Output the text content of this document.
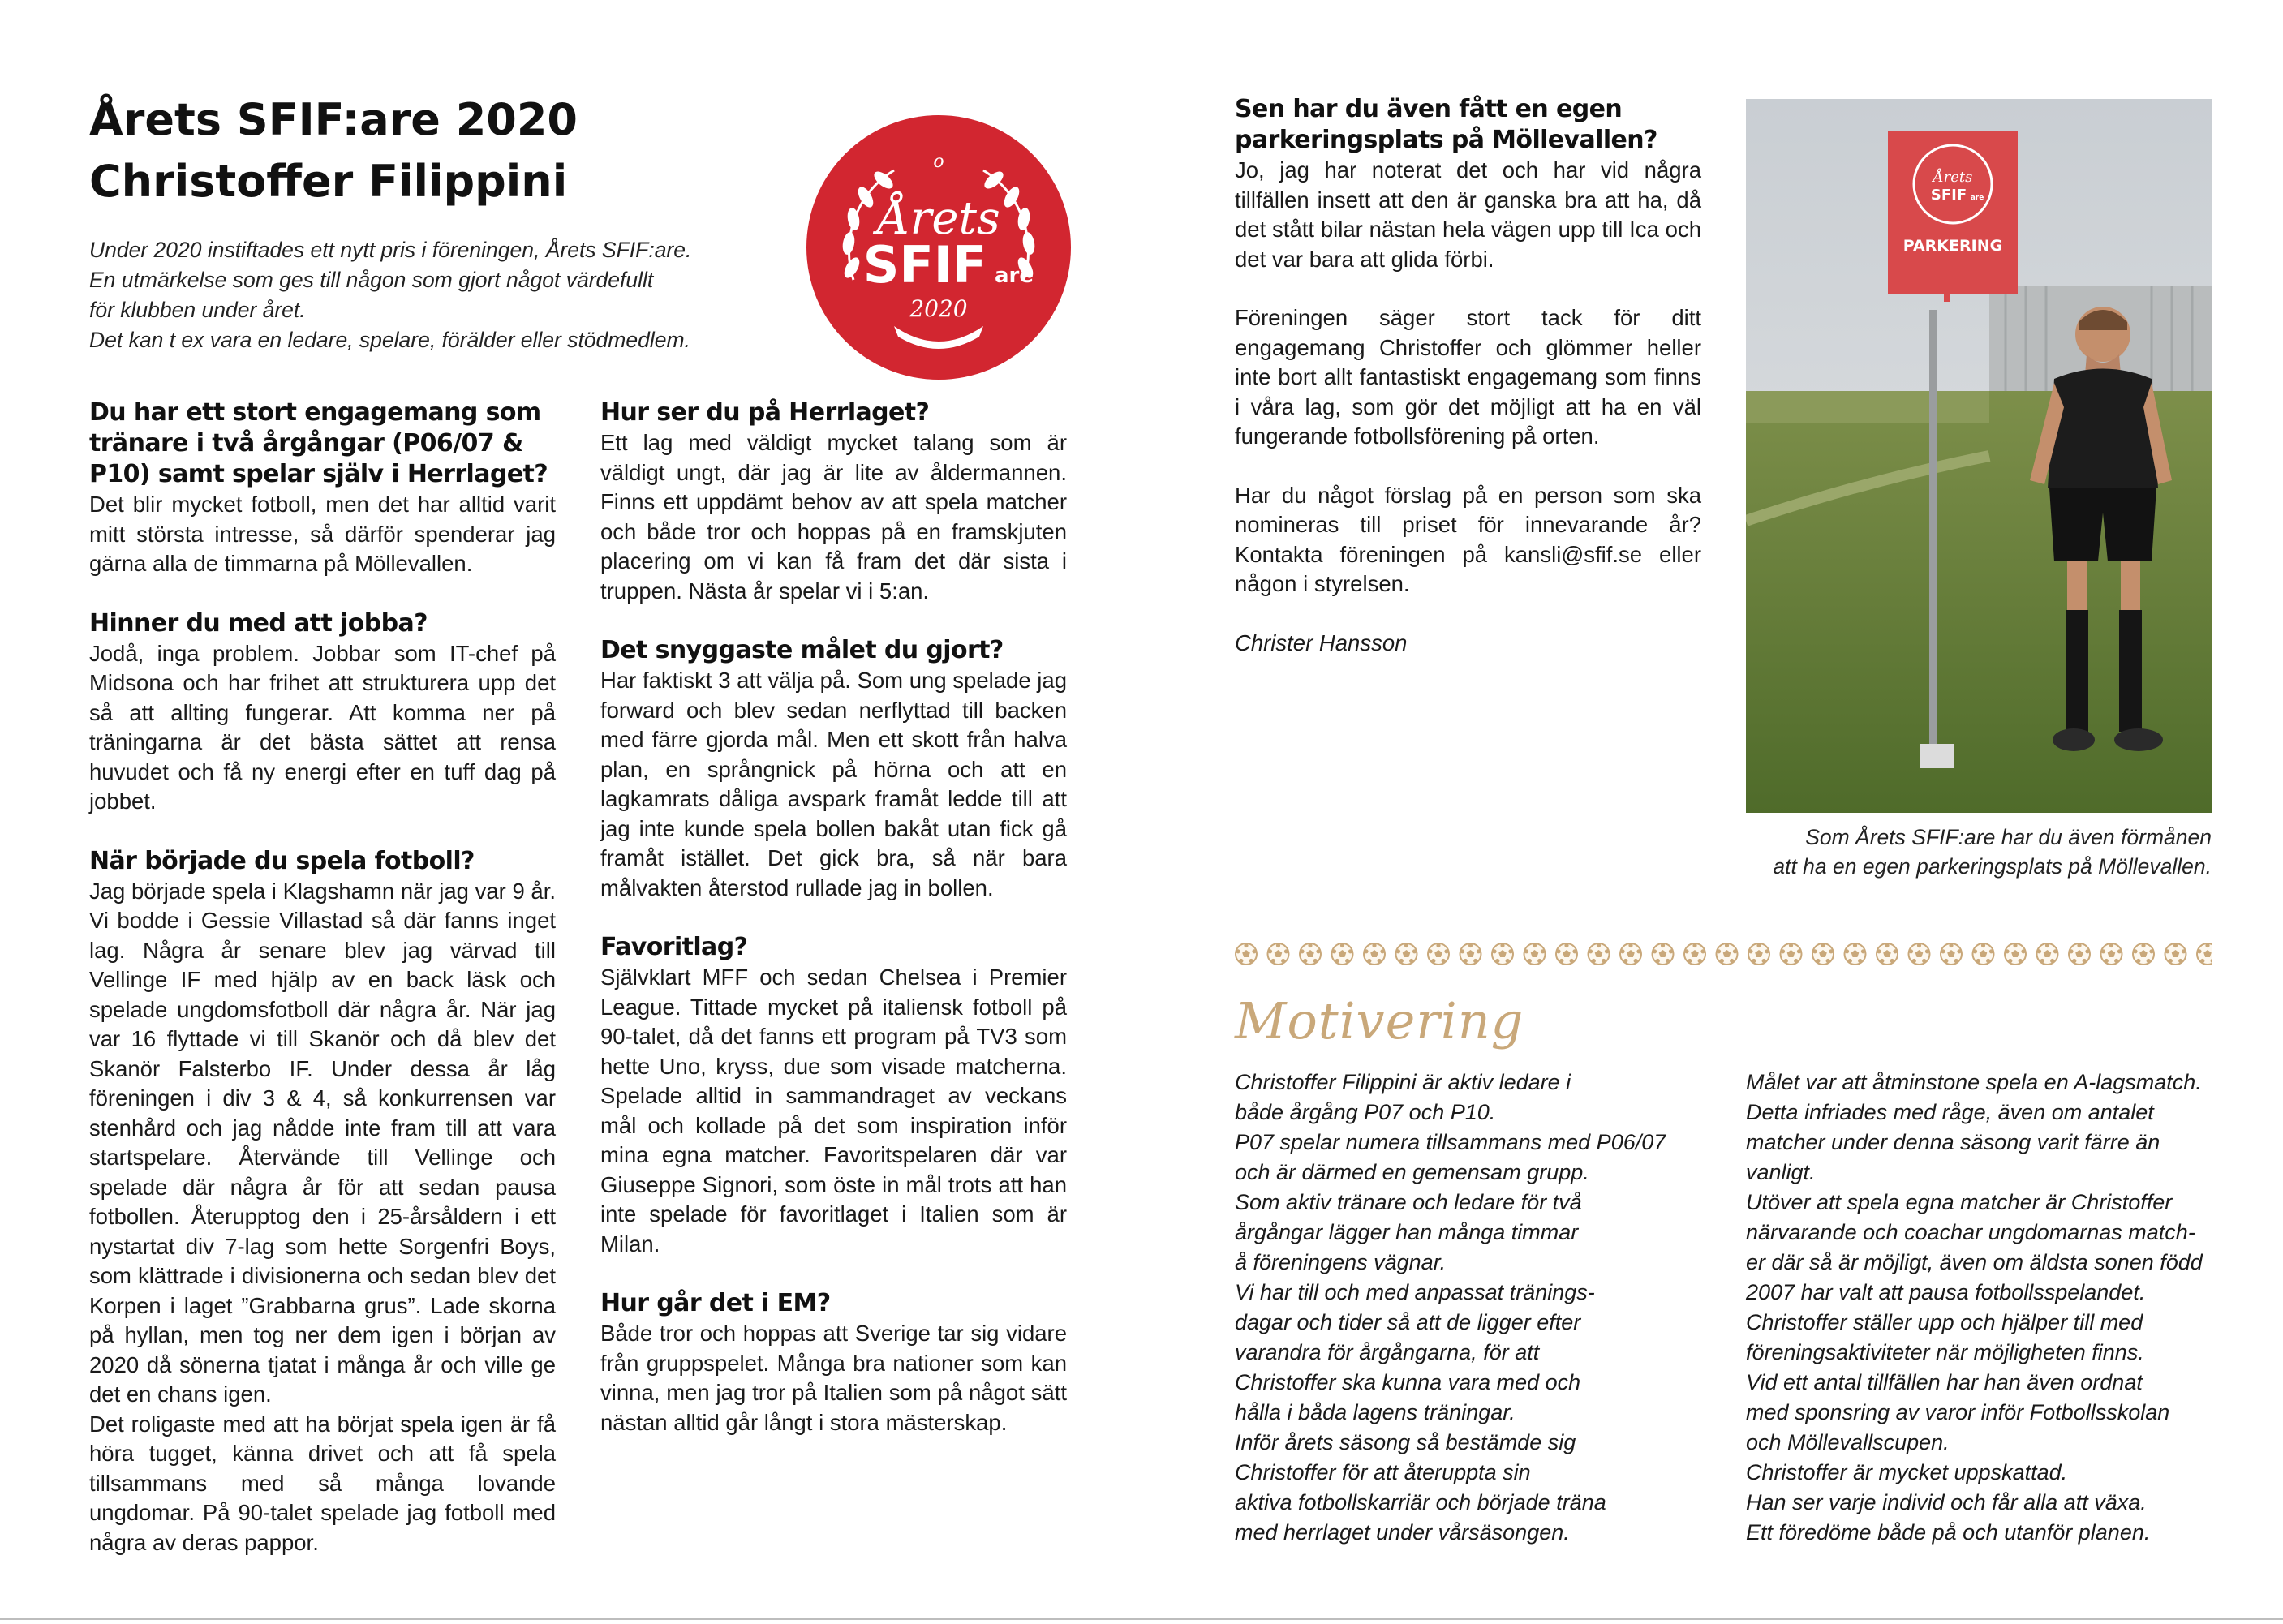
Årets SFIF:are 2020
Christoffer Filippini	o
Årets
SFIF are
2020
Under 2020 instiftades ett nytt pris i föreningen, Årets SFIF:are.
En utmärkelse som ges till någon som gjort något värdefullt
för klubben under året.
Det kan t ex vara en ledare, spelare, förälder eller stödmedlem.
Du har ett stort engagemang som tränare i två årgångar (P06/07 & P10) samt spelar själv i Herrlaget?

Det blir mycket fotboll, men det har alltid varit mitt största intresse, så därför spenderar jag gärna alla de timmarna på Möllevallen.

Hinner du med att jobba?

Jodå, inga problem. Jobbar som IT-chef på Midsona och har frihet att strukturera upp det så att allting fungerar. Att komma ner på träningarna är det bästa sättet att rensa huvudet och få ny energi efter en tuff dag på jobbet.

När började du spela fotboll?

Jag började spela i Klagshamn när jag var 9 år. Vi bodde i Gessie Villastad så där fanns inget lag. Några år senare blev jag värvad till Vellinge IF med hjälp av en back läsk och spelade ungdomsfotboll där några år. När jag var 16 flyttade vi till Skanör och då blev det Skanör Falsterbo IF. Under dessa år låg föreningen i div 3 & 4, så konkurrensen var stenhård och jag nådde inte fram till att vara startspelare. Återvände till Vellinge och spelade där några år för att sedan pausa fotbollen. Återupptog den i 25-årsåldern i ett nystartat div 7-lag som hette Sorgenfri Boys, som klättrade i divisionerna och sedan blev det Korpen i laget ”Grabbarna grus”. Lade skorna på hyllan, men tog ner dem igen i början av 2020 då sönerna tjatat i många år och ville ge det en chans igen.

Det roligaste med att ha börjat spela igen är få höra tugget, känna drivet och att få spela tillsammans med så många lovande ungdomar. På 90-talet spelade jag fotboll med några av deras pappor.

Hur ser du på Herrlaget?

Ett lag med väldigt mycket talang som är väldigt ungt, där jag är lite av åldermannen. Finns ett uppdämt behov av att spela matcher och både tror och hoppas på en framskjuten placering om vi kan få fram det där sista i truppen. Nästa år spelar vi i 5:an.

Det snyggaste målet du gjort?

Har faktiskt 3 att välja på. Som ung spelade jag forward och blev sedan nerflyttad till backen med färre gjorda mål. Men ett skott från halva plan, en språngnick på hörna och att en lagkamrats dåliga avspark framåt ledde till att jag inte kunde spela bollen bakåt utan fick gå framåt istället. Det gick bra, så när bara målvakten återstod rullade jag in bollen.

Favoritlag?

Självklart MFF och sedan Chelsea i Premier League. Tittade mycket på italiensk fotboll på 90-talet, då det fanns ett program på TV3 som hette Uno, kryss, due som visade matcherna. Spelade alltid in sammandraget av veckans mål och kollade på det som inspiration inför mina egna matcher. Favoritspelaren där var Giuseppe Signori, som öste in mål trots att han inte spelade för favoritlaget i Italien som är Milan.

Hur går det i EM?

Både tror och hoppas att Sverige tar sig vidare från gruppspelet. Många bra nationer som kan vinna, men jag tror på Italien som på något sätt nästan alltid går långt i stora mästerskap.

Sen har du även fått en egen parkeringsplats på Möllevallen?

Jo, jag har noterat det och har vid några tillfällen insett att den är ganska bra att ha, då det stått bilar nästan hela vägen upp till Ica och det var bara att glida förbi.

Föreningen säger stort tack för ditt engagemang Christoffer och glömmer heller inte bort allt fantastiskt engagemang som finns i våra lag, som gör det möjligt att ha en väl fungerande fotbollsförening på orten.

Har du något förslag på en person som ska nomineras till priset för innevarande år? Kontakta föreningen på kansli@sfif.se eller någon i styrelsen.

Christer Hansson

Årets
SFIF are
PARKERING
Som Årets SFIF:are har du även förmånen
att ha en egen parkeringsplats på Möllevallen.
Motivering
Christoffer Filippini är aktiv ledare i
både årgång P07 och P10.
P07 spelar numera tillsammans med P06/07
och är därmed en gemensam grupp.
Som aktiv tränare och ledare för två
årgångar lägger han många timmar
å föreningens vägnar.
Vi har till och med anpassat tränings-
dagar och tider så att de ligger efter
varandra för årgångarna, för att
Christoffer ska kunna vara med och
hålla i båda lagens träningar.
Inför årets säsong så bestämde sig
Christoffer för att återuppta sin
aktiva fotbollskarriär och började träna
med herrlaget under vårsäsongen.
Målet var att åtminstone spela en A-lagsmatch.
Detta infriades med råge, även om antalet
matcher under denna säsong varit färre än
vanligt.
Utöver att spela egna matcher är Christoffer
närvarande och coachar ungdomarnas match-
er där så är möjligt, även om äldsta sonen född
2007 har valt att pausa fotbollsspelandet.
Christoffer ställer upp och hjälper till med
föreningsaktiviteter när möjligheten finns.
Vid ett antal tillfällen har han även ordnat
med sponsring av varor inför Fotbollsskolan
och Möllevallscupen.
Christoffer är mycket uppskattad.
Han ser varje individ och får alla att växa.
Ett föredöme både på och utanför planen.
